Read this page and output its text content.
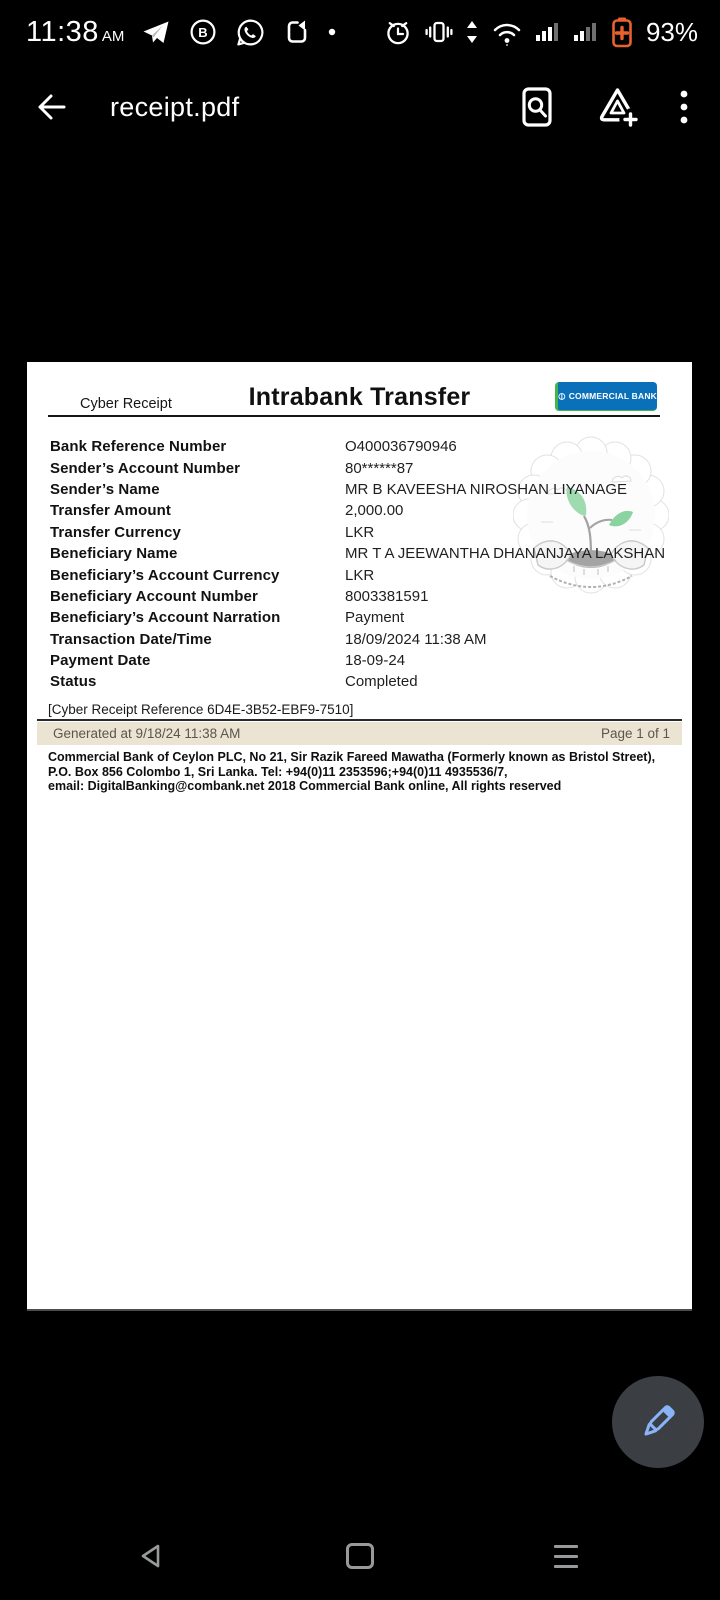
11:38 AM	B	93%
receipt.pdf
Cyber Receipt	Intrabank Transfer	COMMERCIAL BANK
Bank Reference Number	O400036790946
Sender’s Account Number	80******87
Sender’s Name	MR B KAVEESHA NIROSHAN LIYANAGE
Transfer Amount	2,000.00
Transfer Currency	LKR
Beneficiary Name	MR T A JEEWANTHA DHANANJAYA LAKSHAN
Beneficiary’s Account Currency	LKR
Beneficiary Account Number	8003381591
Beneficiary’s Account Narration	Payment
Transaction Date/Time	18/09/2024 11:38 AM
Payment Date	18-09-24
Status	Completed
[Cyber Receipt Reference 6D4E-3B52-EBF9-7510]
Generated at 9/18/24 11:38 AM	Page 1 of 1
Commercial Bank of Ceylon PLC, No 21, Sir Razik Fareed Mawatha (Formerly known as Bristol Street),
P.O. Box 856 Colombo 1, Sri Lanka. Tel: +94(0)11 2353596;+94(0)11 4935536/7,
email: DigitalBanking@combank.net 2018 Commercial Bank online, All rights reserved
